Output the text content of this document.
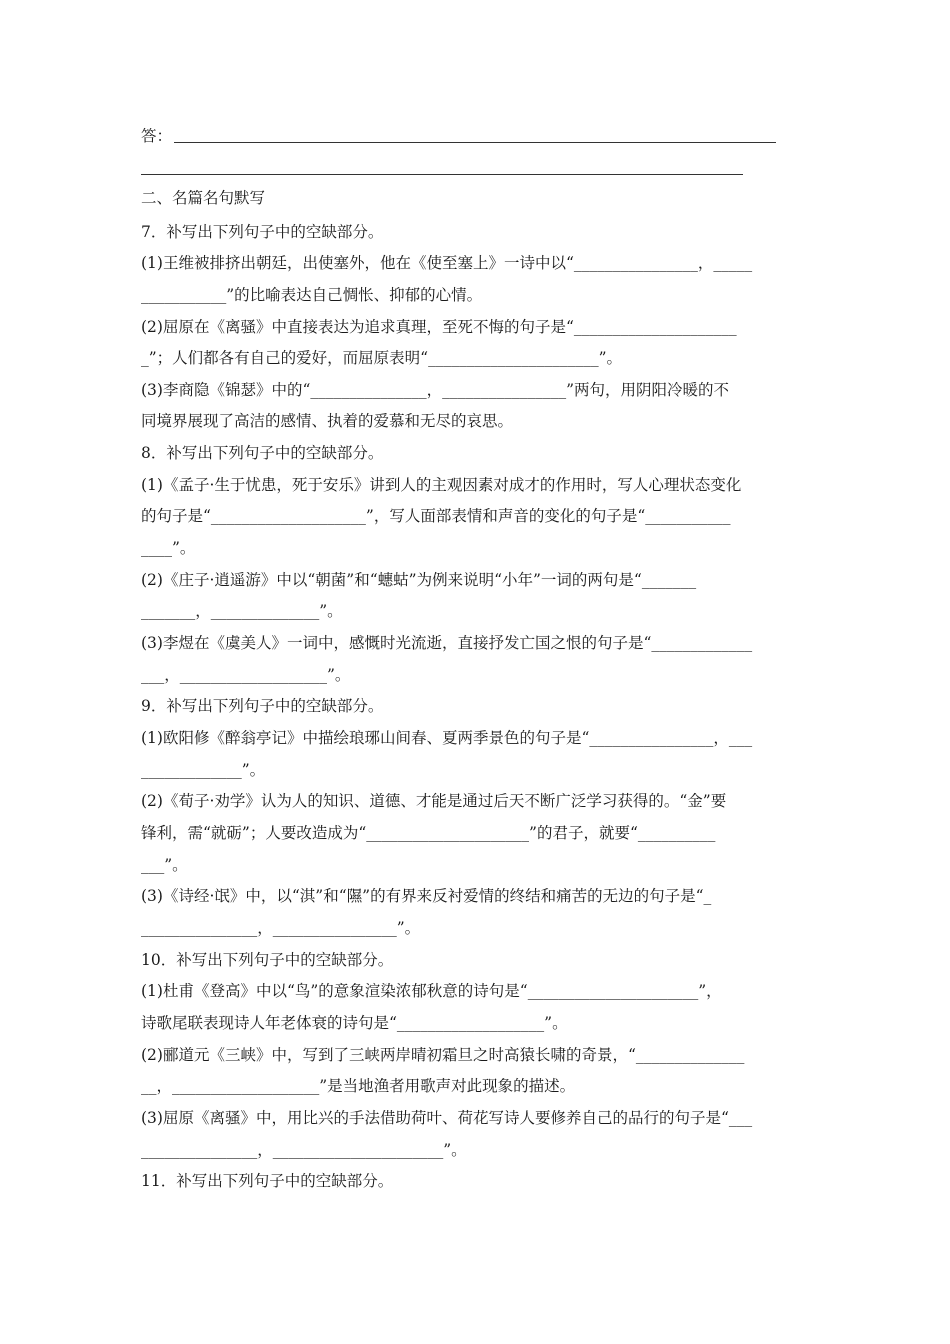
答：
二、名篇名句默写
7．补写出下列句子中的空缺部分。
(1)王维被排挤出朝廷，出使塞外，他在《使至塞上》一诗中以“________________，_____
___________”的比喻表达自己惆怅、抑郁的心情。
(2)屈原在《离骚》中直接表达为追求真理，至死不悔的句子是“_____________________
_”；人们都各有自己的爱好，而屈原表明“______________________”。
(3)李商隐《锦瑟》中的“_______________，________________”两句，用阴阳冷暖的不
同境界展现了高洁的感情、执着的爱慕和无尽的哀思。
8．补写出下列句子中的空缺部分。
(1)《孟子·生于忧患，死于安乐》讲到人的主观因素对成才的作用时，写人心理状态变化
的句子是“____________________”，写人面部表情和声音的变化的句子是“___________
____”。
(2)《庄子·逍遥游》中以“朝菌”和“蟪蛄”为例来说明“小年”一词的两句是“_______
_______，______________”。
(3)李煜在《虞美人》一词中，感慨时光流逝，直接抒发亡国之恨的句子是“_____________
___，___________________”。
9．补写出下列句子中的空缺部分。
(1)欧阳修《醉翁亭记》中描绘琅琊山间春、夏两季景色的句子是“________________，___
_____________”。
(2)《荀子·劝学》认为人的知识、道德、才能是通过后天不断广泛学习获得的。“金”要
锋利，需“就砺”；人要改造成为“_____________________”的君子，就要“__________
___”。
(3)《诗经·氓》中，以“淇”和“隰”的有界来反衬爱情的终结和痛苦的无边的句子是“_
_______________，________________”。
10．补写出下列句子中的空缺部分。
(1)杜甫《登高》中以“鸟”的意象渲染浓郁秋意的诗句是“______________________”，
诗歌尾联表现诗人年老体衰的诗句是“___________________”。
(2)郦道元《三峡》中，写到了三峡两岸晴初霜旦之时高猿长啸的奇景，“______________
__，___________________”是当地渔者用歌声对此现象的描述。
(3)屈原《离骚》中，用比兴的手法借助荷叶、荷花写诗人要修养自己的品行的句子是“___
_______________，______________________”。
11．补写出下列句子中的空缺部分。
